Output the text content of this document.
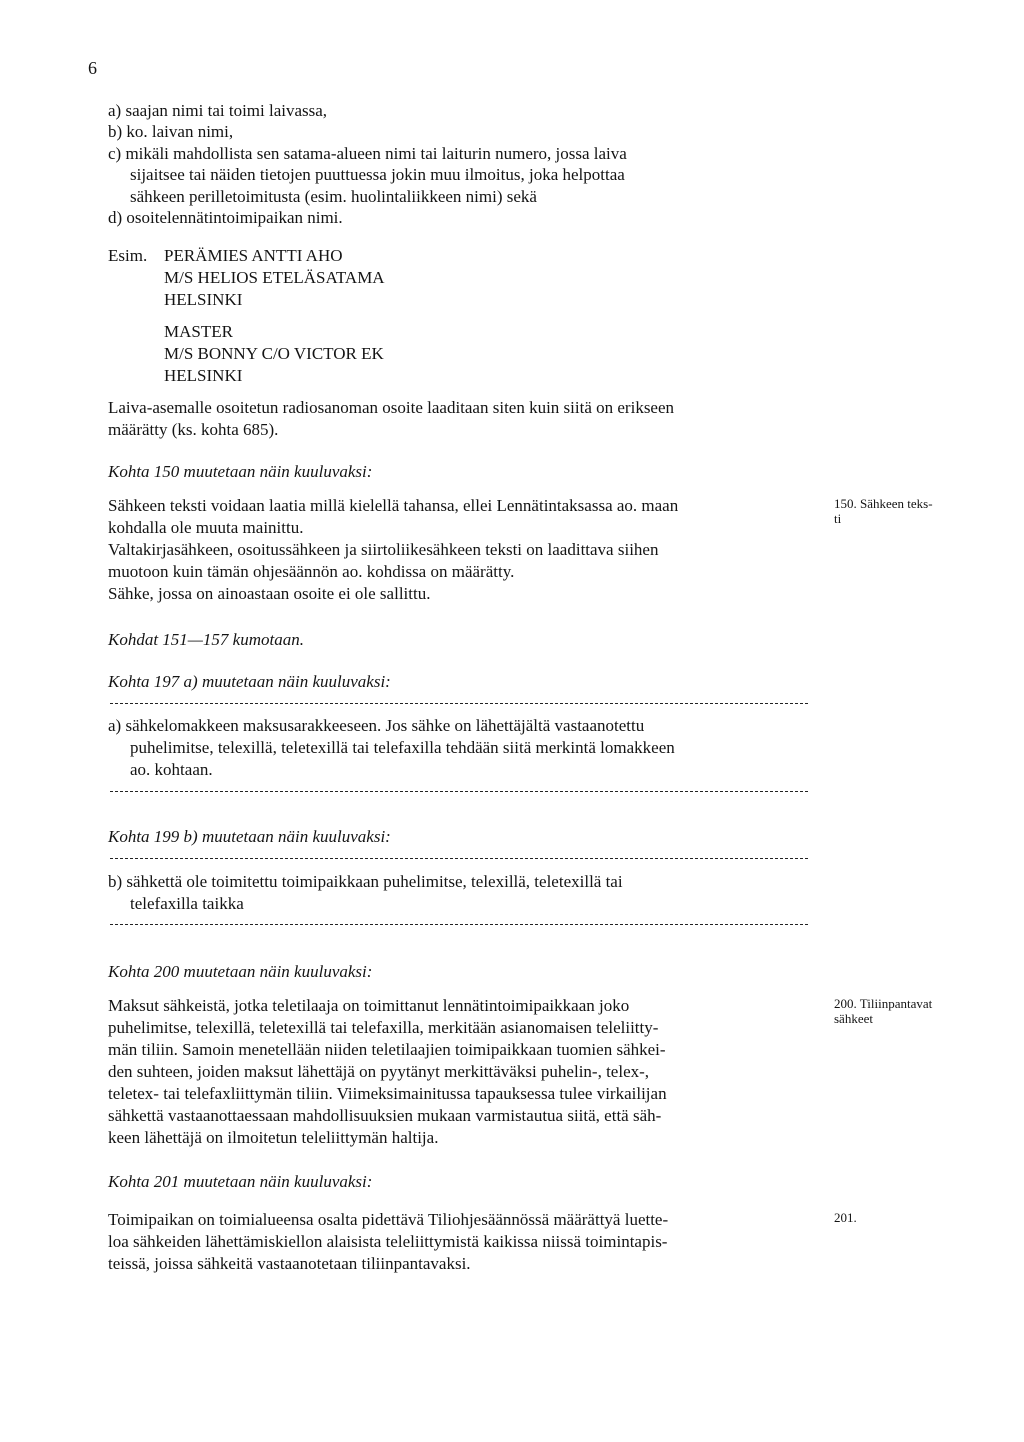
6
a) saajan nimi tai toimi laivassa,
b) ko. laivan nimi,
c) mikäli mahdollista sen satama-alueen nimi tai laiturin numero, jossa laiva
sijaitsee tai näiden tietojen puuttuessa jokin muu ilmoitus, joka helpottaa
sähkeen perilletoimitusta (esim. huolintaliikkeen nimi) sekä
d) osoitelennätintoimipaikan nimi.
Esim. PERÄMIES ANTTI AHO
M/S HELIOS ETELÄSATAMA
HELSINKI
MASTER
M/S BONNY C/O VICTOR EK
HELSINKI
Laiva-asemalle osoitetun radiosanoman osoite laaditaan siten kuin siitä on erikseen
määrätty (ks. kohta 685).
Kohta 150 muutetaan näin kuuluvaksi:
Sähkeen teksti voidaan laatia millä kielellä tahansa, ellei Lennätintaksassa ao. maan
kohdalla ole muuta mainittu.
Valtakirjasähkeen, osoitussähkeen ja siirtoliikesähkeen teksti on laadittava siihen
muotoon kuin tämän ohjesäännön ao. kohdissa on määrätty.
Sähke, jossa on ainoastaan osoite ei ole sallittu.
150. Sähkeen teks-
ti
Kohdat 151—157 kumotaan.
Kohta 197 a) muutetaan näin kuuluvaksi:
a) sähkelomakkeen maksusarakkeeseen. Jos sähke on lähettäjältä vastaanotettu
puhelimitse, telexillä, teletexillä tai telefaxilla tehdään siitä merkintä lomakkeen
ao. kohtaan.
Kohta 199 b) muutetaan näin kuuluvaksi:
b) sähkettä ole toimitettu toimipaikkaan puhelimitse, telexillä, teletexillä tai
telefaxilla taikka
Kohta 200 muutetaan näin kuuluvaksi:
Maksut sähkeistä, jotka teletilaaja on toimittanut lennätintoimipaikkaan joko
puhelimitse, telexillä, teletexillä tai telefaxilla, merkitään asianomaisen teleliitty-
män tiliin. Samoin menetellään niiden teletilaajien toimipaikkaan tuomien sähkei-
den suhteen, joiden maksut lähettäjä on pyytänyt merkittäväksi puhelin-, telex-,
teletex- tai telefaxliittymän tiliin. Viimeksimainitussa tapauksessa tulee virkailijan
sähkettä vastaanottaessaan mahdollisuuksien mukaan varmistautua siitä, että säh-
keen lähettäjä on ilmoitetun teleliittymän haltija.
200. Tiliinpantavat
sähkeet
Kohta 201 muutetaan näin kuuluvaksi:
Toimipaikan on toimialueensa osalta pidettävä Tiliohjesäännössä määrättyä luette-
loa sähkeiden lähettämiskiellon alaisista teleliittymistä kaikissa niissä toimintapis-
teissä, joissa sähkeitä vastaanotetaan tiliinpantavaksi.
201.
